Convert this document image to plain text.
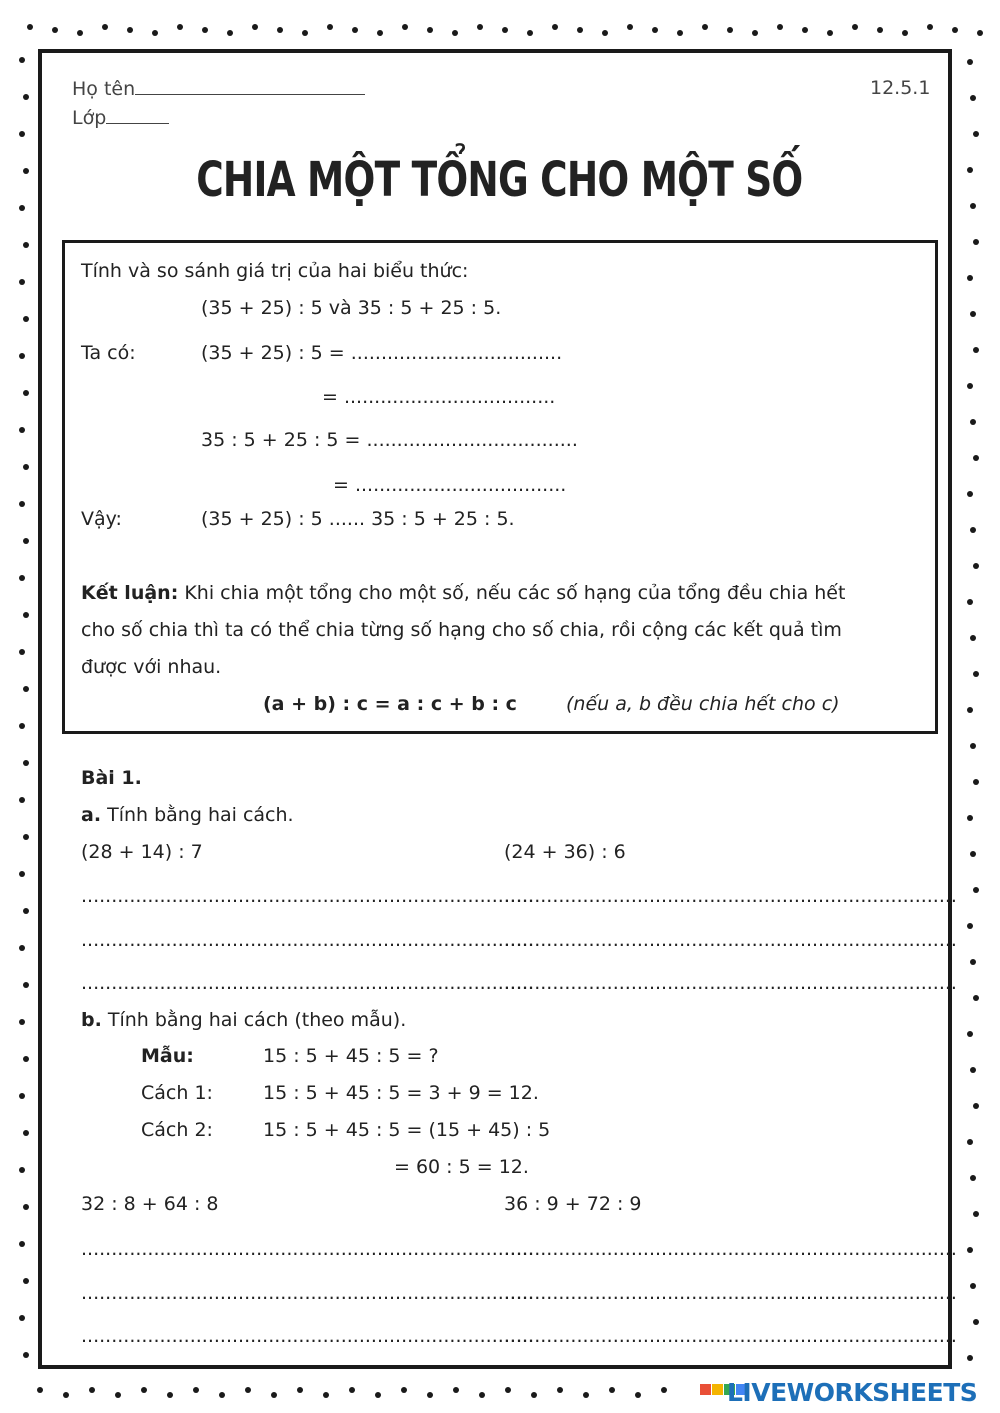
Họ tên
Lớp
12.5.1
CHIA MỘT TỔNG CHO MỘT SỐ
Tính và so sánh giá trị của hai biểu thức:
(35 + 25) : 5 và 35 : 5 + 25 : 5.
Ta có:	(35 + 25) : 5 = ...................................
= ...................................
35 : 5 + 25 : 5 = ...................................
= ...................................
Vậy:	(35 + 25) : 5 ...... 35 : 5 + 25 : 5.
Kết luận: Khi chia một tổng cho một số, nếu các số hạng của tổng đều chia hết
cho số chia thì ta có thể chia từng số hạng cho số chia, rồi cộng các kết quả tìm
được với nhau.
(a + b) : c = a : c + b : c	(nếu a, b đều chia hết cho c)
Bài 1.
a. Tính bằng hai cách.
(28 + 14) : 7	(24 + 36) : 6
...........................................................................
...........................................................................
...........................................................................
...........................................................................
...........................................................................
...........................................................................
b. Tính bằng hai cách (theo mẫu).
Mẫu:	15 : 5 + 45 : 5 = ?
Cách 1:	15 : 5 + 45 : 5 = 3 + 9 = 12.
Cách 2:	15 : 5 + 45 : 5 = (15 + 45) : 5
= 60 : 5 = 12.
32 : 8 + 64 : 8	36 : 9 + 72 : 9
...........................................................................
...........................................................................
...........................................................................
...........................................................................
...........................................................................
...........................................................................
LIVEWORKSHEETS
